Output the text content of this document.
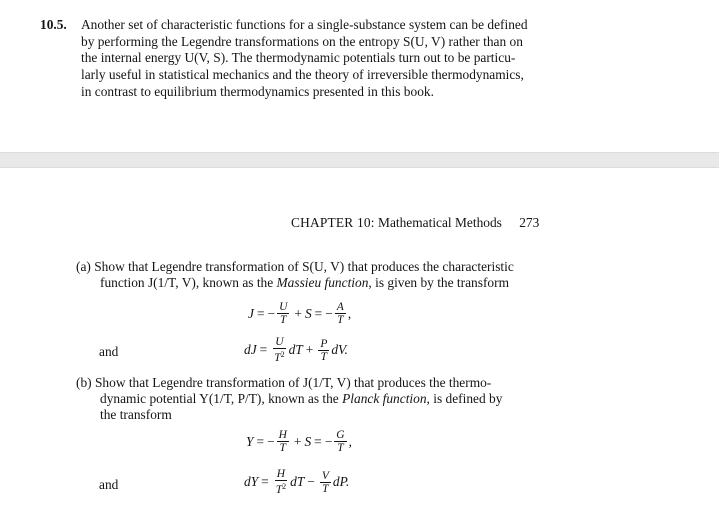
10.5.	Another set of characteristic functions for a single-substance system can be defined
by performing the Legendre transformations on the entropy S(U, V) rather than on
the internal energy U(V, S). The thermodynamic potentials turn out to be particu-
larly useful in statistical mechanics and the theory of irreversible thermodynamics,
in contrast to equilibrium thermodynamics presented in this book.
CHAPTER 10: Mathematical Methods 273
(a) Show that Legendre transformation of S(U, V) that produces the characteristic
function J(1/T, V), known as the Massieu function, is given by the transform
J = − $\frac{U}{T} + S$ = − $\frac{A}{T}$ ,
and	dJ = $\frac{U}{T^2}$ dT + $\frac{P}{T}$ dV.
(b) Show that Legendre transformation of J(1/T, V) that produces the thermo-
dynamic potential Y(1/T, P/T), known as the Planck function, is defined by
the transform
Y = − $\frac{H}{T} + S$ = − $\frac{G}{T}$ ,
and	dY = $\frac{H}{T^2}$ dT − $\frac{V}{T}$ dP.
